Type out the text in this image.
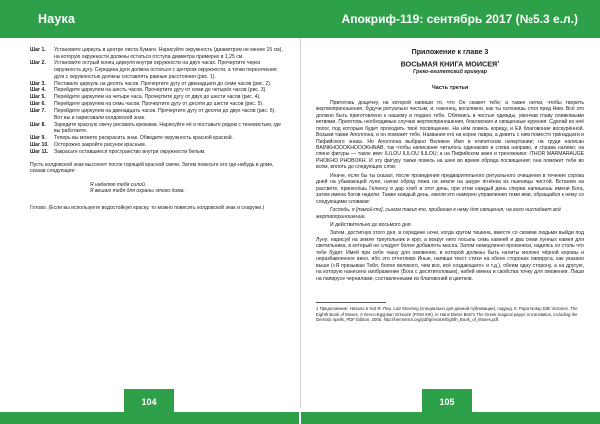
Наука	Апокриф-119: сентябрь 2017 (№5.3 е.л.)
Шаг 1.	Установите циркуль в центре листа бумаги. Нарисуйте окружность (диаметром не менее 15 см), на которую окружности должны остаться отступа диаметра примерно в 1,25 см.
Шаг 2.	Установите острый конец циркуля внутри окружности на двух часах. Прочертите через окружность дугу. Середина дуги должна остаться с центром окружности, а точки пересечения дуги с окружностью должны составлять равные расстояния (рис. 1).
Шаг 3.	Поставьте циркуль на десять часов. Прочертите дугу от двенадцати до семи часов (рис. 2).
Шаг 4.	Перейдите циркулем на шесть часов. Прочертите дугу от семи до четырёх часов (рис. 3).
Шаг 5.	Перейдите циркулем на четыре часа. Прочертите дугу от двух до шести часов (рис. 4).
Шаг 6.	Перейдите циркулем на семь часов. Прочертите дугу от десяти до шести часов (рис. 5).
Шаг 7.	Перейдите циркулем на двенадцать часов. Прочертите дугу от десяти до двух часов (рис. 6). Вот вы и нарисовали колдовской знак.
Шаг 8.	Зарядите красную свечу рисовать крюками. Нарисуйте её и поставьте рядом с теневистым, где вы работаете.
Шаг 9.	Теперь вы можете раскрасить знак. Обведите окружность красной краской.
Шаг 10.	Осторожно закройте рисунок красным.
Шаг 11.	Закрасьте оставшиеся пространство внутри окружности белым.
Пусть колдовской знак высохнет после горящей красной свечи. Затем повесьте его где-нибудь в доме, сказав следующее:
Я наделяю тебя силой.
Я вешаю тебя для охраны этого дома.
Готово. (Если вы используете водостойкую краску, то можно повесить колдовской знак и снаружи.)
Приложение к главе 3
ВОСЬМАЯ КНИГА МОИСЕЯ$^1$
Греко-египетский гримуар
Часть третья

Приготовь дощечку, на которой напиши то, что Он скажет тебе; а также нитки, чтобы творить жертвоприношения, будучи ритуально чистым, и, наконец, воскликни, как ты склонишь стоя пред Ним. Всё это должно быть приготовлено к нашему и подано тебе. Облекись в чистые одежды, увенчав главу оливковыми ветвями. Приготовь необходимые случаю жертвоприношения, благовония и священные курения. Сделай из неё полог, под которым будет проходить твоё посвящение. На нём повесь корицу, и Ей благовоние воскурённой. Возьми также Аполлона, и он поможет тебе. Названия его на корне лавра, а девять с ним поместя тринадцати и Пифийского знака. Но Аполлона выбрано Великое Имя в египетском начертании; на груди написан BAINKHOOOKHOOOKHNAB, так чтобы написание читалось одинаково и слева направо, и справа налево; на спине фигуры — такое имя: ILILOU ILILOU ILILOU; а на Пифийском змее и треножнике: ITHOR MARMARAUGE PHOKHO PHOBOKH. И эту фигуру также повесь на шею во время обряда посвящения; она поможет тебе во всём, вплоть до следующих слов:

Иначе, если бы ты сказал, после проведения предварительного ритуального очищения в течение сорока дней на убывающей луне, начни обряд лежа на земле на шкуре ягнёнка из пшеницы чистой. Встанем на рассвете, принесёшь Гелиосу в дар хлеб в этот день, при этом каждый день сперва напишешь имени Бога, затем имена богов недели. Также каждый день, ежели кто намерен управлению теми ими, обращайся к нему со следующими словами:

Господь, я [такой-то], сыном таких-то, прибегаю к нему для священия; на кого ниспадает всё жертвоприношение.

И действительно до восьмого дня.

Затем, достигнув этого дня, в середине ночи, когда кругом тишина, вместе со своими людьми выйди под Луну; нарисуй на земле треугольник и круг, а вокруг него посыпь семь камней и два семи лунных камня для светильника, в который не следует более добавлять масла. Затем немедленно произнеси, надеясь со столь что тебе будет. Имей при себе чашу для омовения, в которой должны быть налиты молоко чёрной коровы и неразбавленное вино, ибо это отчетливо Иные, напиши текст стихи на обеих сторонах папируса, как указано выше (»Я призываю Тебя, более великого, чем все, всё создающего« и т.д.), обеим одну сторону, а на другую, на которую нанесено изображение (Бога с десятиголовым), набей имена и свойства точку для омовения. Пиши на папирусе чернилами, составленными из благовоний и цветков.

1 Предложение: Начало в №3 Ф. Пер. Luiz Moveing (специально для данной публикации), подред. К. Papa Notup Ditti Victories. The Eighth Book of Moses. A Greco-Egyptian Grimoire (PGM XIII), in Hans Dieter Betz's The Greek magical papyri in translation, including the Demotic spells, PDF Edition, 2005, http://hermetics.org/pdf/grimoire/Eighth_Book_of_Moses.pdf.
104	105
